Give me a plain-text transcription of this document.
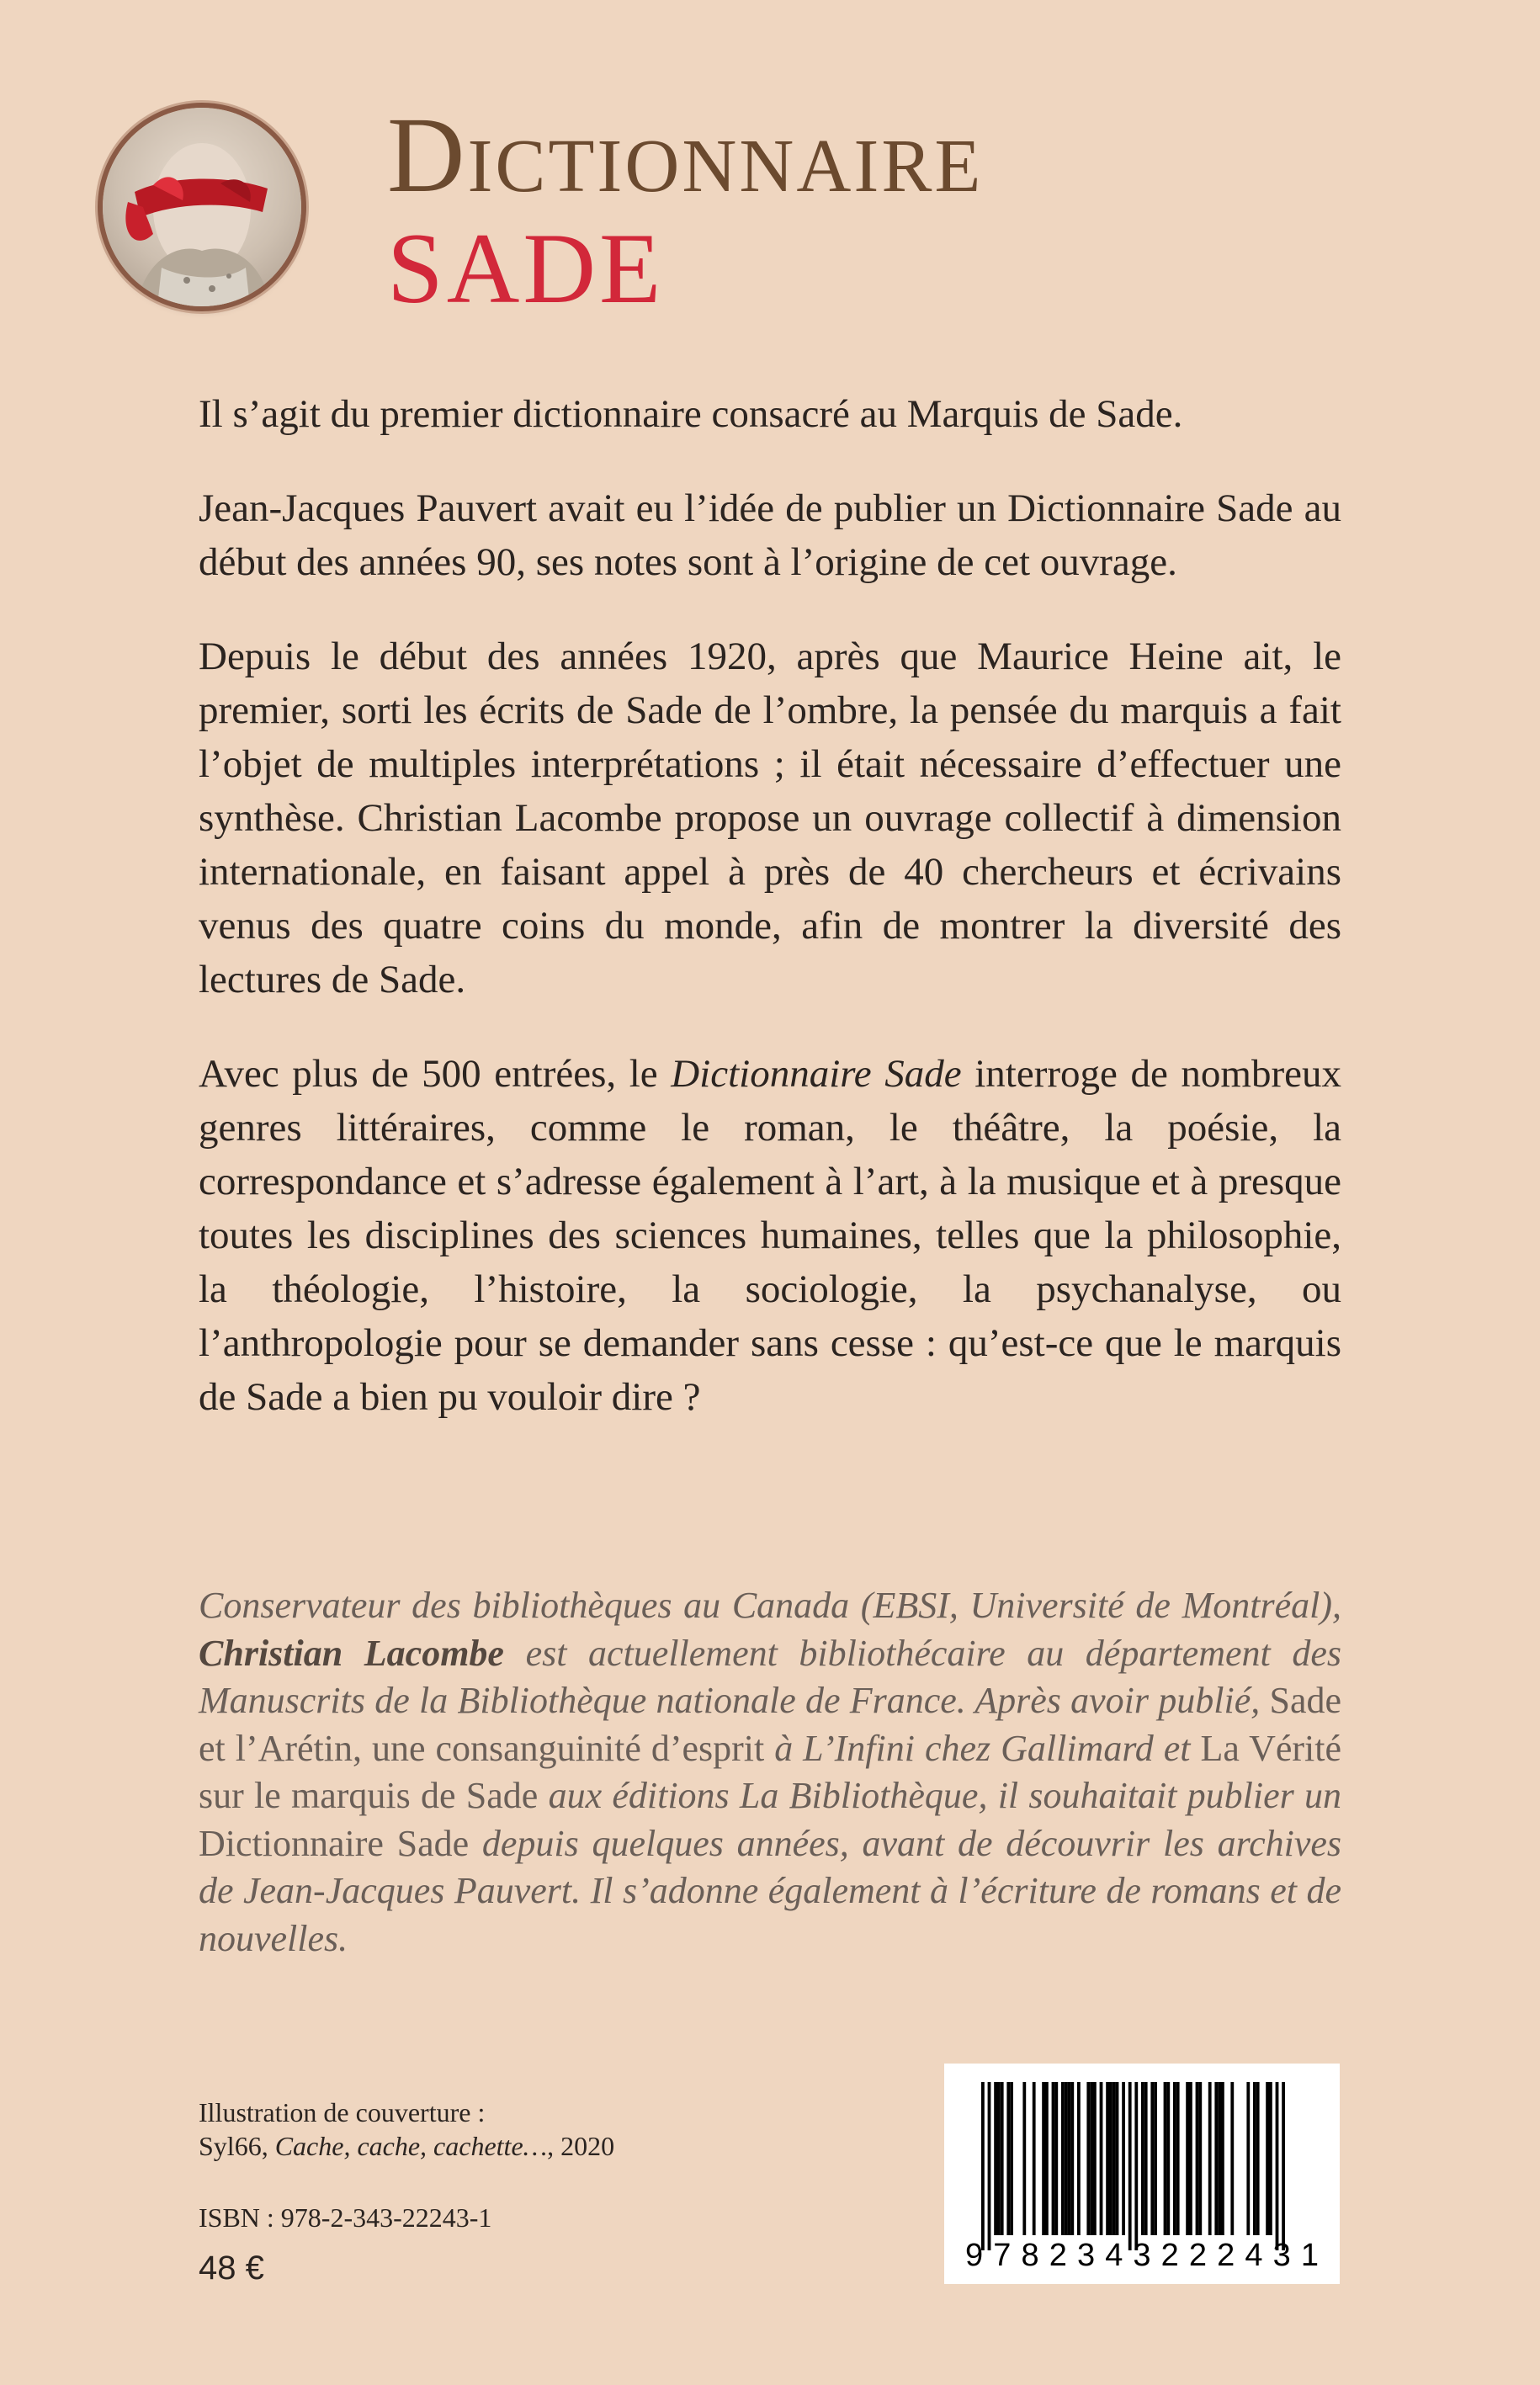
Dictionnaire
SADE

Il s’agit du premier dictionnaire consacré au Marquis de Sade.

Jean-Jacques Pauvert avait eu l’idée de publier un Dictionnaire Sade au début des années 90, ses notes sont à l’origine de cet ouvrage.

Depuis le début des années 1920, après que Maurice Heine ait, le premier, sorti les écrits de Sade de l’ombre, la pensée du marquis a fait l’objet de multiples interprétations ; il était nécessaire d’effectuer une synthèse. Christian Lacombe propose un ouvrage collectif à dimension internationale, en faisant appel à près de 40 chercheurs et écrivains venus des quatre coins du monde, afin de montrer la diversité des lectures de Sade.

Avec plus de 500 entrées, le Dictionnaire Sade interroge de nombreux genres littéraires, comme le roman, le théâtre, la poésie, la correspondance et s’adresse également à l’art, à la musique et à presque toutes les disciplines des sciences humaines, telles que la philosophie, la théologie, l’histoire, la sociologie, la psychanalyse, ou l’anthropologie pour se demander sans cesse : qu’est-ce que le marquis de Sade a bien pu vouloir dire ?

Conservateur des bibliothèques au Canada (EBSI, Université de Montréal), Christian Lacombe est actuellement bibliothécaire au département des Manuscrits de la Bibliothèque nationale de France. Après avoir publié, Sade et l’Arétin, une consanguinité d’esprit à L’Infini chez Gallimard et La Vérité sur le marquis de Sade aux éditions La Bibliothèque, il souhaitait publier un Dictionnaire Sade depuis quelques années, avant de découvrir les archives de Jean-Jacques Pauvert. Il s’adonne également à l’écriture de romans et de nouvelles.

Illustration de couverture :
Syl66, Cache, cache, cachette…, 2020
ISBN : 978-2-343-22243-1
48 €	9782343222431
